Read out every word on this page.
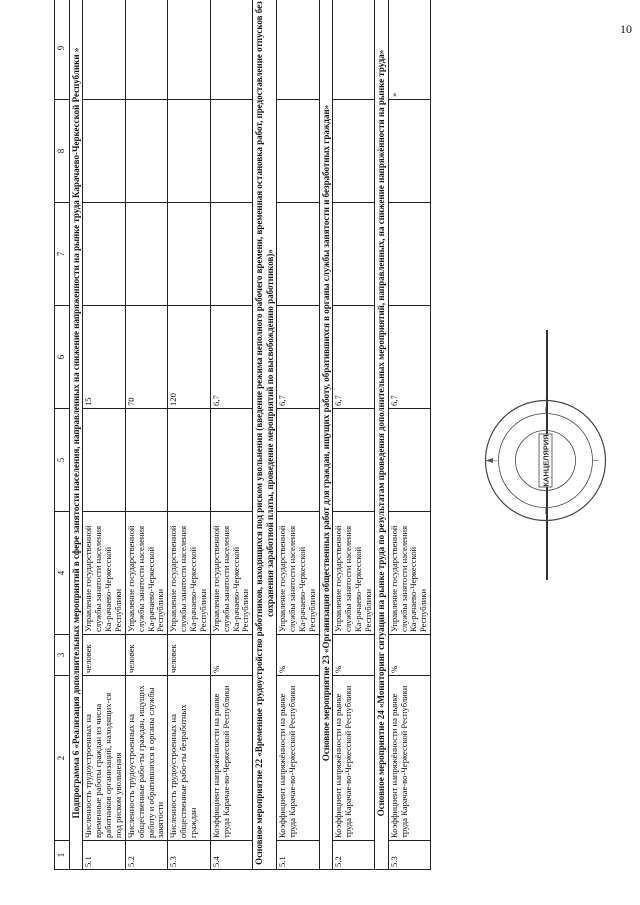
10
1	2	3	4	5	6	7	8	9
Подпрограмма 6 «Реализация дополнительных мероприятий в сфере занятости населения, направленных на снижение напряженности на рынке труда Карачаево-Черкесской Республики »								
5.1	Численность трудоустроенных на временные работы граждан из числа работников организаций, находящих-ся под риском увольнения	человек	Управление государственной службы занятости населения Ка-рачаево-Черкесской Республики		15			
5.2	Численность трудоустроенных на общественные рабо-ты граждан, ищущих работу и обратившихся в органы службы занятости	человек	Управление государственной службы занятости населения Ка-рачаево-Черкесской Республики		70			
5.3	Численность трудоустроенных на общественные рабо-ты безработных граждан	человек	Управление государственной службы занятости населения Ка-рачаево-Черкесской Республики		120			
5.4	Коэффициент напряжённости на рынке труда Карачае-во-Черкесской Республики	%	Управление государственной службы занятости населения Ка-рачаево-Черкесской Республики		6,7			
Основное мероприятие 22 «Временное трудоустройство работников, находящихся под риском увольнения (введение режима неполного рабочего времени, временная остановка работ, предоставление отпусков без сохранения заработной платы, проведение мероприятий по высвобождению работников)»								
5.1	Коэффициент напряжённости на рынке труда Карачае-во-Черкесской Республики	%	Управление государственной службы занятости населения Ка-рачаево-Черкесской Республики		6,7			
Основное мероприятие 23 «Организация общественных работ для граждан, ищущих работу, обратившихся в органы службы занятости и безработных граждан»								
5.2	Коэффициент напряжённости на рынке труда Карачае-во-Черкесской Республики	%	Управление государственной службы занятости населения Ка-рачаево-Черкесской Республики		6,7			
Основное мероприятие 24 «Мониторинг ситуации на рынке труда по результатам проведения дополнительных мероприятий, направленных, на снижение напряжённости на рынке труда»								
5.3	Коэффициент напряжённости на рынке труда Карачае-во-Черкесской Республики	%	Управление государственной службы занятости населения Ка-рачаево-Черкесской Республики		6,7			»
КАНЦЕЛЯРИЯ
